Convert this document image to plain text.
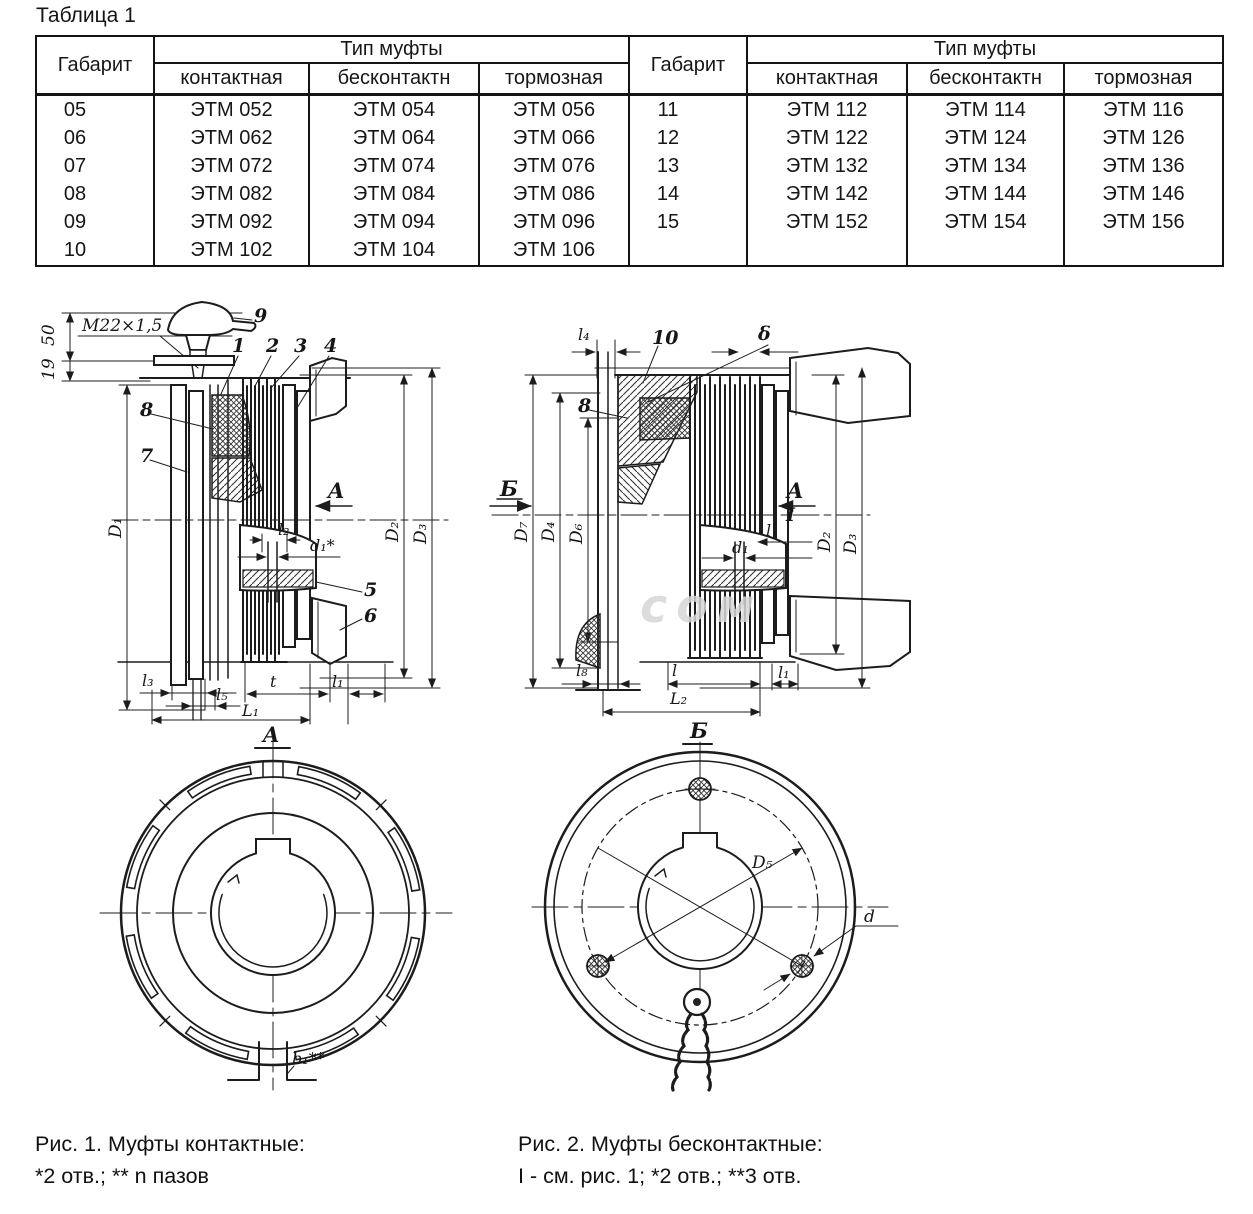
Таблица 1
Габарит
Тип муфты
контактная	бесконтактн	тормозная
05	ЭТМ 052	ЭТМ 054	ЭТМ 056
06	ЭТМ 062	ЭТМ 064	ЭТМ 066
07	ЭТМ 072	ЭТМ 074	ЭТМ 076
08	ЭТМ 082	ЭТМ 084	ЭТМ 086
09	ЭТМ 092	ЭТМ 094	ЭТМ 096
10	ЭТМ 102	ЭТМ 104	ЭТМ 106
Габарит
Тип муфты
контактная	бесконтактн	тормозная
11	ЭТМ 112	ЭТМ 114	ЭТМ 116
12	ЭТМ 122	ЭТМ 124	ЭТМ 126
13	ЭТМ 132	ЭТМ 134	ЭТМ 136
14	ЭТМ 142	ЭТМ 144	ЭТМ 146
15	ЭТМ 152	ЭТМ 154	ЭТМ 156
сом
50
19
М22×1,5	9
1 2 3 4
8
7
5
6
D₁	D₂ D₃
l₂
d₁*
A
l₃
l₅
t	l₁
L₁
l₄	10	δ
8
Б	A
I
D₇ D₄ D₆	D₂ D₃
l
d₁
l₈	l	l₁
L₂
A
b₁**
Б
D₅
d
Рис. 1. Муфты контактные:
*2 отв.; ** n пазов
Рис. 2. Муфты бесконтактные:
I - см. рис. 1; *2 отв.; **3 отв.
